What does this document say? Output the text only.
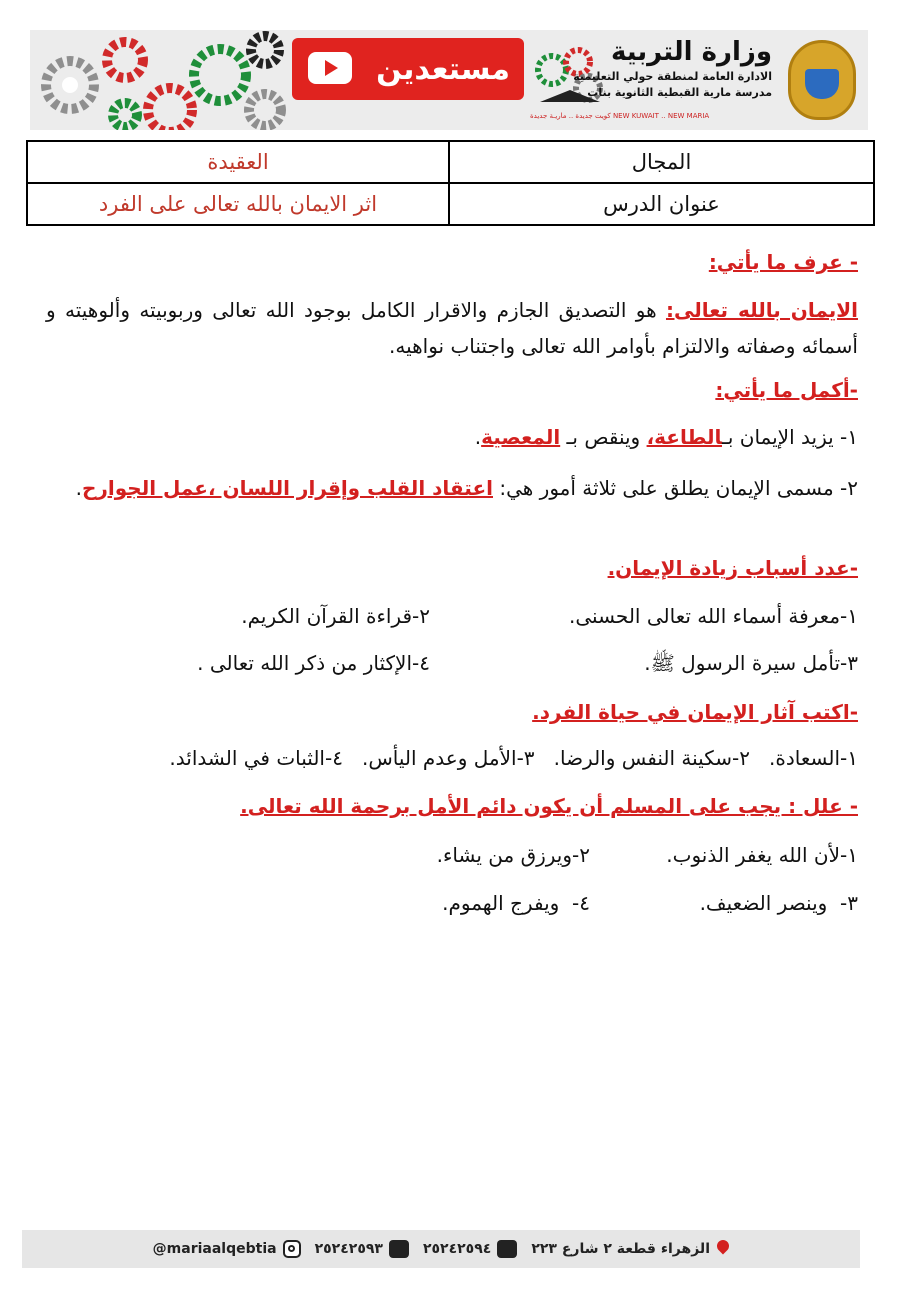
مستعدين
كويت جديدة .. ماريـة جديدة NEW KUWAIT .. NEW MARIA
وزارة التربية
الادارة العامة لمنطقة حولي التعليمية
مدرسة مارية القبطية الثانوية بنات
المجال	العقيدة
عنوان الدرس	اثر الايمان بالله تعالى على الفرد
- عرف ما يأتي:
الايمان بالله تعالى: هو التصديق الجازم والاقرار الكامل بوجود الله تعالى وربوبيته وألوهيته و أسمائه وصفاته والالتزام بأوامر الله تعالى واجتناب نواهيه.
-أكمل ما يأتي:
١- يزيد الإيمان بـالطاعة، وينقص بـ المعصية.
٢- مسمى الإيمان يطلق على ثلاثة أمور هي: اعتقاد القلب وإقرار اللسان ،عمل الجوارح.
-عدد أسباب زيادة الإيمان.
١-معرفة أسماء الله تعالى الحسنى.
٢-قراءة القرآن الكريم.
٣-تأمل سيرة الرسول ﷺ.
٤-الإكثار من ذكر الله تعالى .
-اكتب آثار الإيمان في حياة الفرد.
١-السعادة.   ٢-سكينة النفس والرضا.   ٣-الأمل وعدم اليأس.   ٤-الثبات في الشدائد.
- علل : يجب على المسلم أن يكون دائم الأمل برحمة الله تعالى.
١-لأن الله يغفر الذنوب.
٢-ويرزق من يشاء.
٣-  وينصر الضعيف.
٤-  ويفرج الهموم.
@mariaalqebtia	٢٥٢٤٢٥٩٣	٢٥٢٤٢٥٩٤	الزهراء قطعة ٢ شارع ٢٢٣
